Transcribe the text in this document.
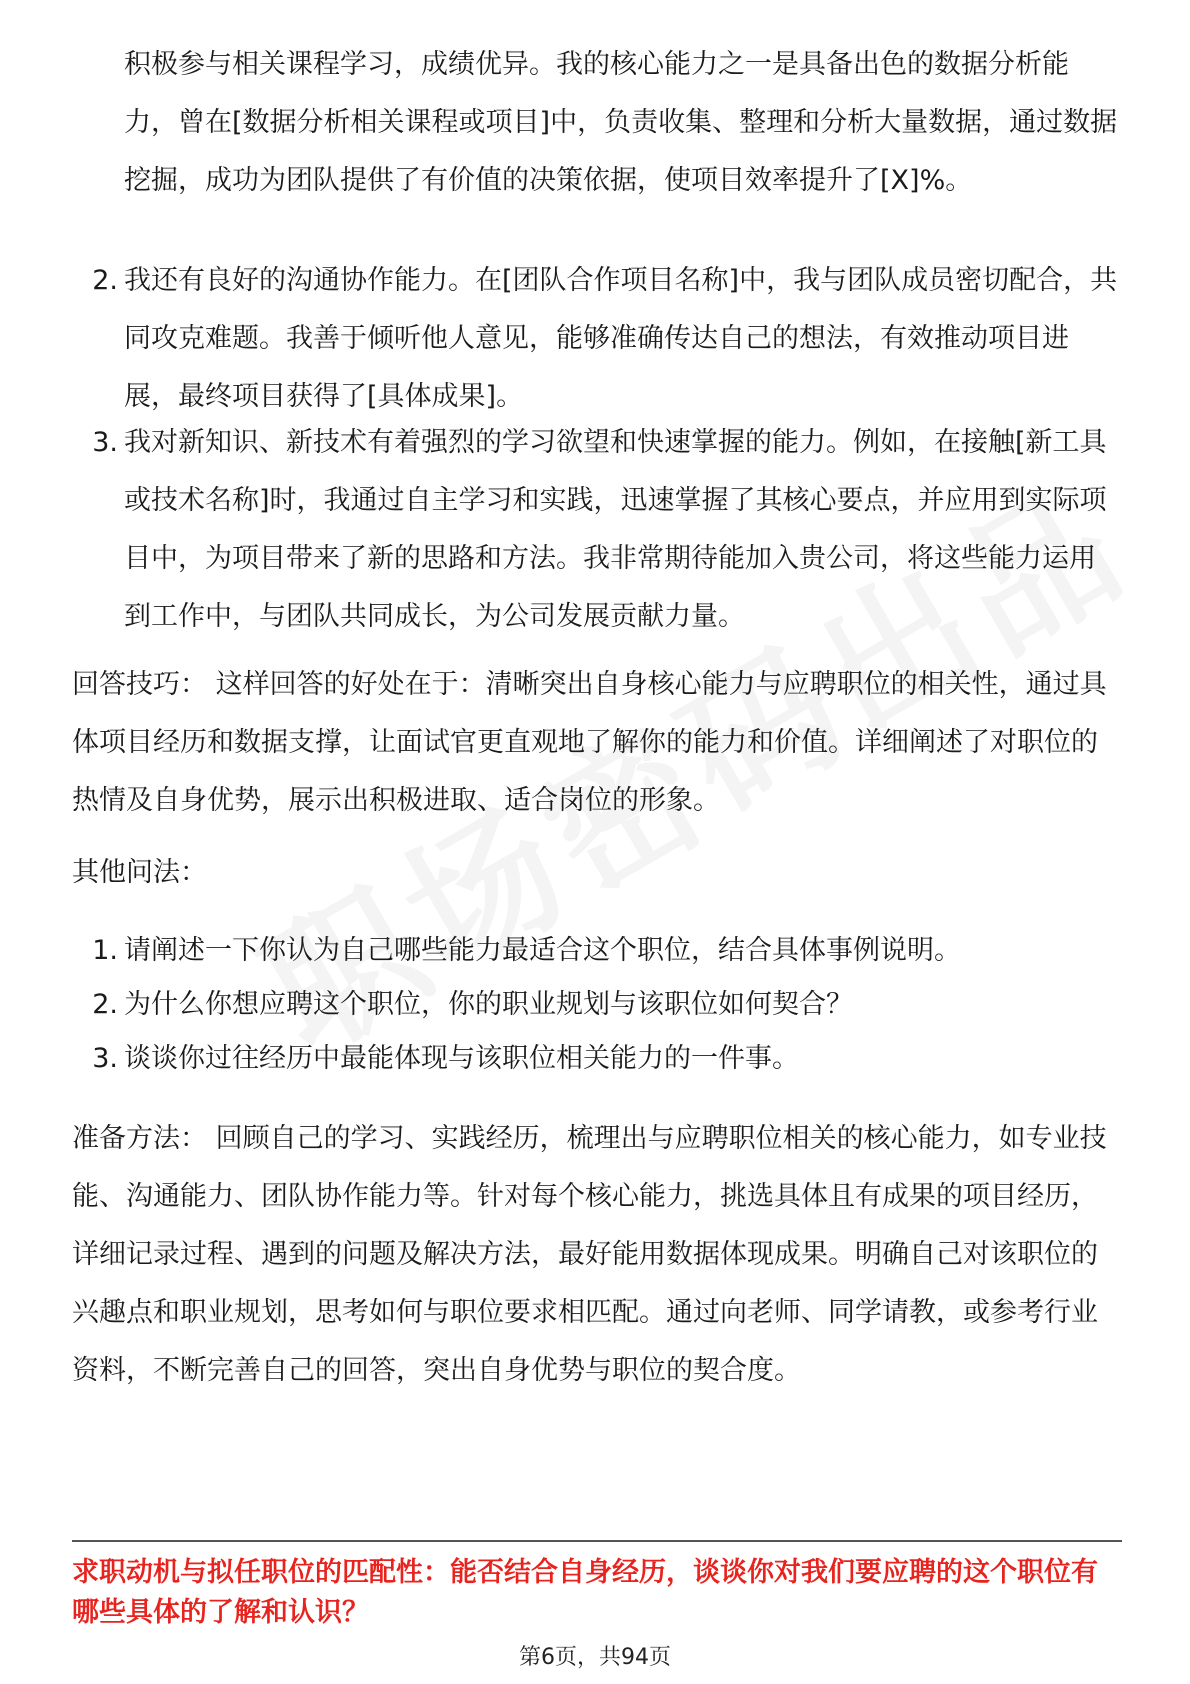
积极参与相关课程学习，成绩优异。我的核心能力之一是具备出色的数据分析能力，曾在[数据分析相关课程或项目]中，负责收集、整理和分析大量数据，通过数据挖掘，成功为团队提供了有价值的决策依据，使项目效率提升了[X]%。
2. 我还有良好的沟通协作能力。在[团队合作项目名称]中，我与团队成员密切配合，共同攻克难题。我善于倾听他人意见，能够准确传达自己的想法，有效推动项目进展，最终项目获得了[具体成果]。
3. 我对新知识、新技术有着强烈的学习欲望和快速掌握的能力。例如，在接触[新工具或技术名称]时，我通过自主学习和实践，迅速掌握了其核心要点，并应用到实际项目中，为项目带来了新的思路和方法。我非常期待能加入贵公司，将这些能力运用到工作中，与团队共同成长，为公司发展贡献力量。
回答技巧： 这样回答的好处在于：清晰突出自身核心能力与应聘职位的相关性，通过具体项目经历和数据支撑，让面试官更直观地了解你的能力和价值。详细阐述了对职位的热情及自身优势，展示出积极进取、适合岗位的形象。
其他问法：
1. 请阐述一下你认为自己哪些能力最适合这个职位，结合具体事例说明。
2. 为什么你想应聘这个职位，你的职业规划与该职位如何契合？
3. 谈谈你过往经历中最能体现与该职位相关能力的一件事。
准备方法： 回顾自己的学习、实践经历，梳理出与应聘职位相关的核心能力，如专业技能、沟通能力、团队协作能力等。针对每个核心能力，挑选具体且有成果的项目经历，详细记录过程、遇到的问题及解决方法，最好能用数据体现成果。明确自己对该职位的兴趣点和职业规划，思考如何与职位要求相匹配。通过向老师、同学请教，或参考行业资料，不断完善自己的回答，突出自身优势与职位的契合度。
求职动机与拟任职位的匹配性：能否结合自身经历，谈谈你对我们要应聘的这个职位有哪些具体的了解和认识？
第6页，共94页
